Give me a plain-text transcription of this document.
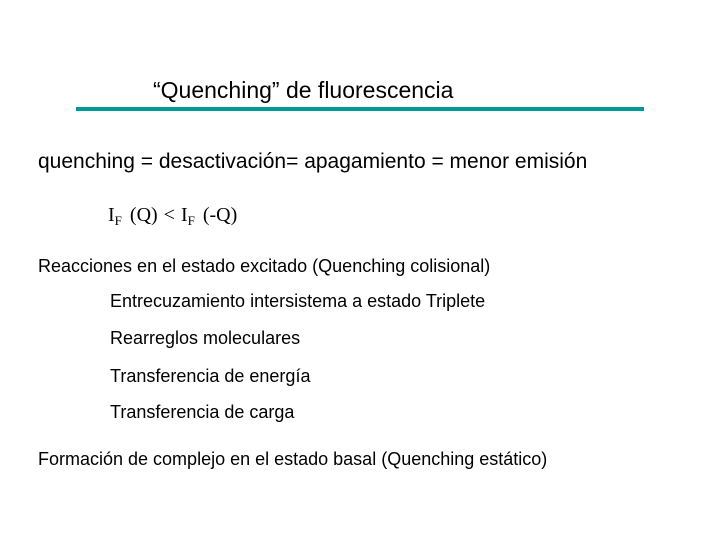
“Quenching” de fluorescencia
quenching = desactivación= apagamiento = menor emisión
$I_F$ $(Q) < I_F$ (-Q)
Reacciones en el estado excitado (Quenching colisional)
Entrecuzamiento intersistema a estado Triplete
Rearreglos moleculares
Transferencia de energía
Transferencia de carga
Formación de complejo en el estado basal (Quenching estático)
